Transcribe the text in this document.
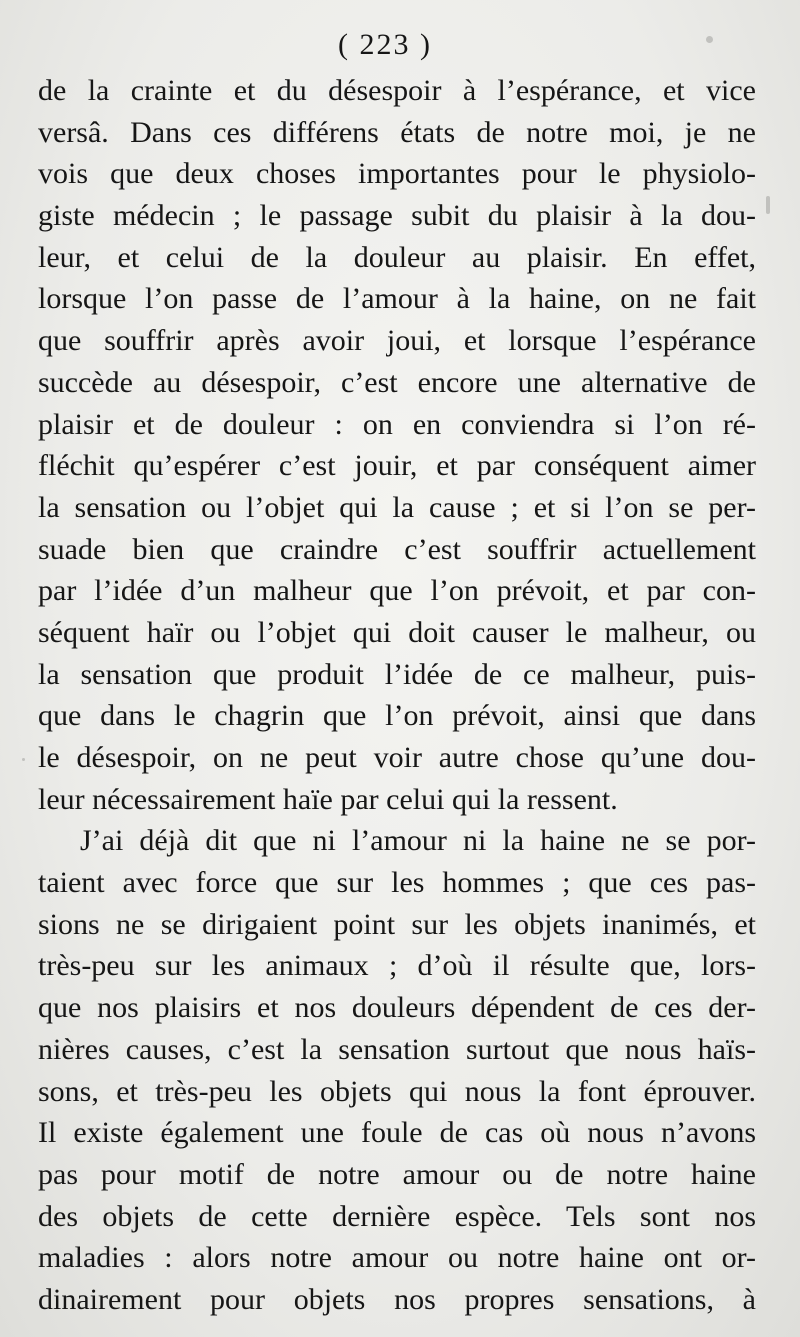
( 223 )
de la crainte et du désespoir à l’espérance, et vice
versâ. Dans ces différens états de notre moi, je ne
vois que deux choses importantes pour le physiolo-
giste médecin ; le passage subit du plaisir à la dou-
leur, et celui de la douleur au plaisir. En effet,
lorsque l’on passe de l’amour à la haine, on ne fait
que souffrir après avoir joui, et lorsque l’espérance
succède au désespoir, c’est encore une alternative de
plaisir et de douleur : on en conviendra si l’on ré-
fléchit qu’espérer c’est jouir, et par conséquent aimer
la sensation ou l’objet qui la cause ; et si l’on se per-
suade bien que craindre c’est souffrir actuellement
par l’idée d’un malheur que l’on prévoit, et par con-
séquent haïr ou l’objet qui doit causer le malheur, ou
la sensation que produit l’idée de ce malheur, puis-
que dans le chagrin que l’on prévoit, ainsi que dans
le désespoir, on ne peut voir autre chose qu’une dou-
leur nécessairement haïe par celui qui la ressent.
J’ai déjà dit que ni l’amour ni la haine ne se por-
taient avec force que sur les hommes ; que ces pas-
sions ne se dirigaient point sur les objets inanimés, et
très-peu sur les animaux ; d’où il résulte que, lors-
que nos plaisirs et nos douleurs dépendent de ces der-
nières causes, c’est la sensation surtout que nous haïs-
sons, et très-peu les objets qui nous la font éprouver.
Il existe également une foule de cas où nous n’avons
pas pour motif de notre amour ou de notre haine
des objets de cette dernière espèce. Tels sont nos
maladies : alors notre amour ou notre haine ont or-
dinairement pour objets nos propres sensations, à
